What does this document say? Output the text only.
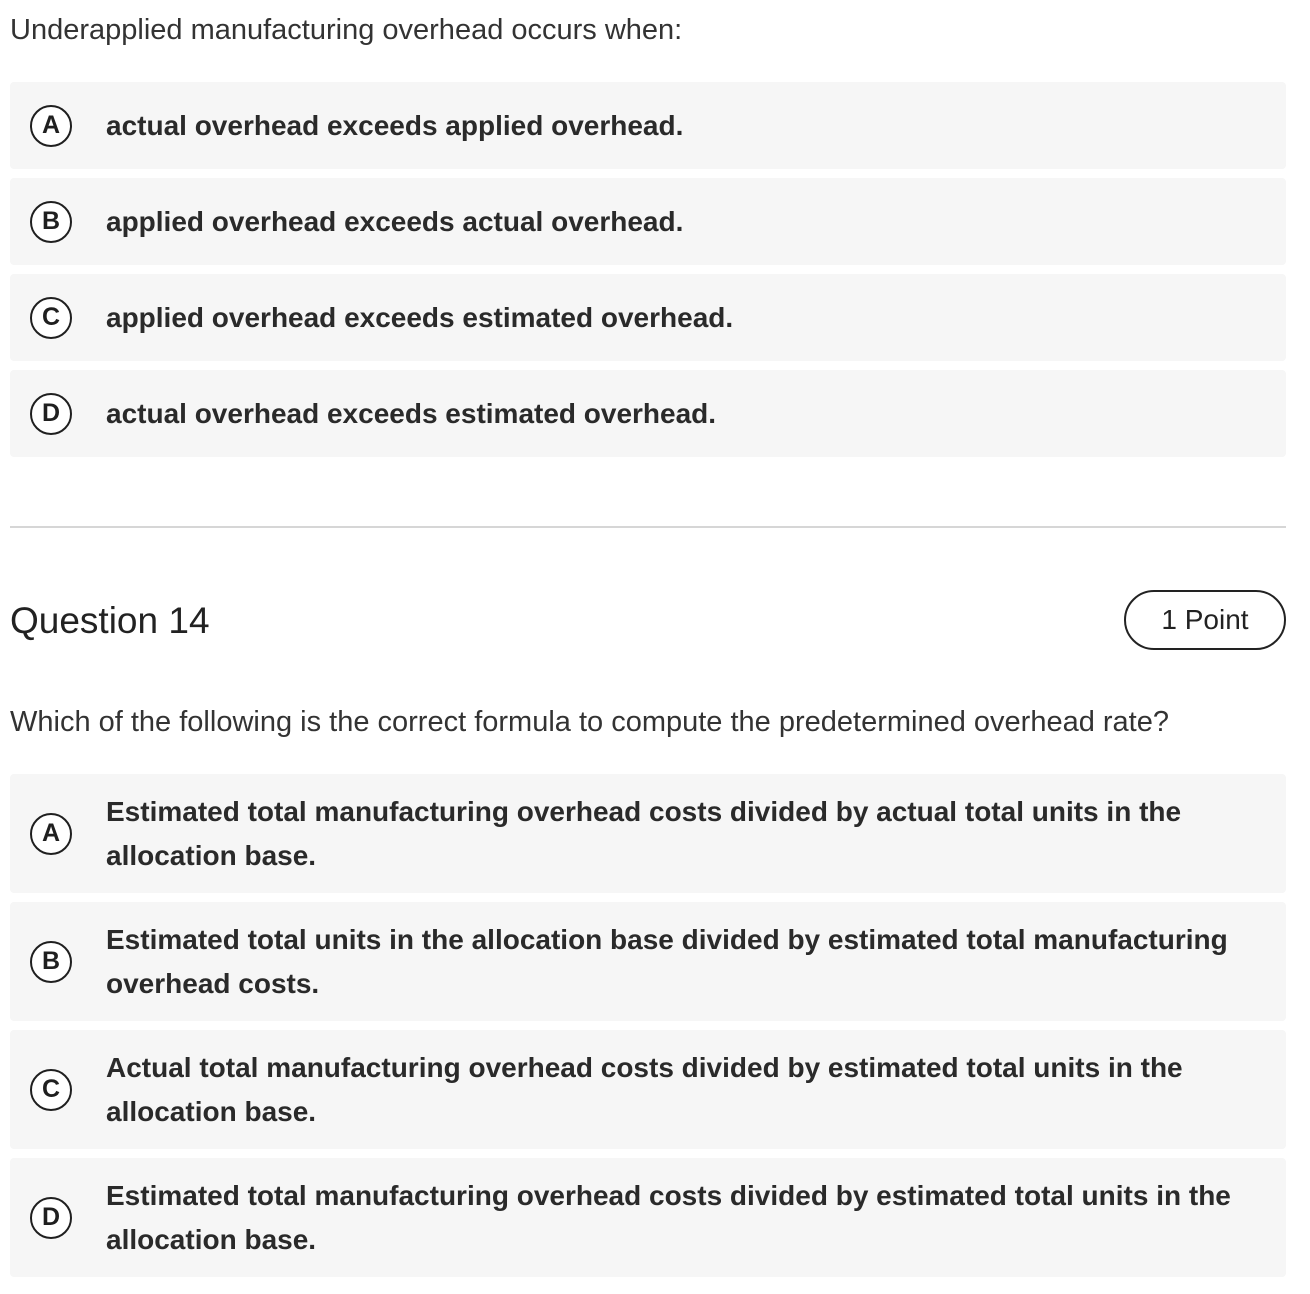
Underapplied manufacturing overhead occurs when:

A	actual overhead exceeds applied overhead.
B	applied overhead exceeds actual overhead.
C	applied overhead exceeds estimated overhead.
D	actual overhead exceeds estimated overhead.
Question 14	1 Point

Which of the following is the correct formula to compute the predetermined overhead rate?

A
Estimated total manufacturing overhead costs divided by actual total units in the allocation base.
B
Estimated total units in the allocation base divided by estimated total manufacturing overhead costs.
C
Actual total manufacturing overhead costs divided by estimated total units in the allocation base.
D
Estimated total manufacturing overhead costs divided by estimated total units in the allocation base.
